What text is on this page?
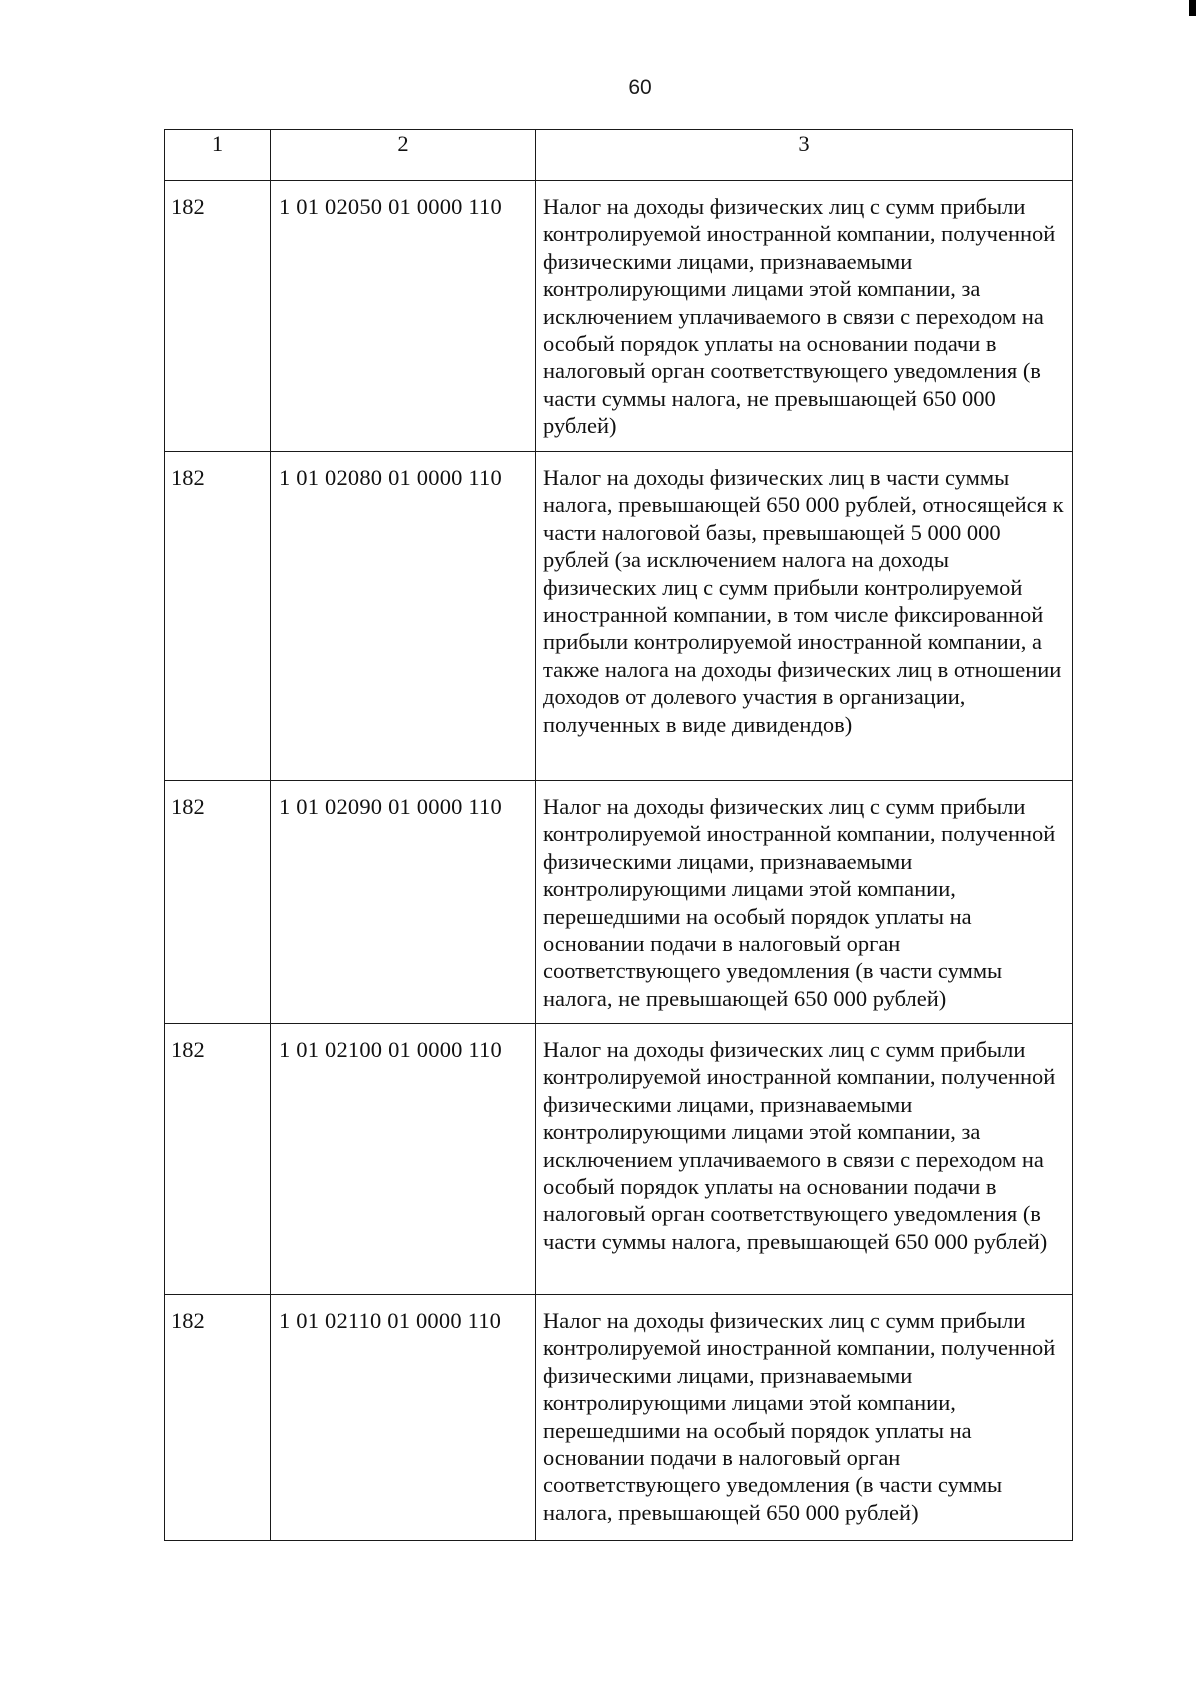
60
1	2	3
182	1 01 02050 01 0000 110	Налог на доходы физических лиц с сумм прибыли контролируемой иностранной компании, полученной физическими лицами, признаваемыми контролирующими лицами этой компании, за исключением уплачиваемого в связи с переходом на особый порядок уплаты на основании подачи в налоговый орган соответствующего уведомления (в части суммы налога, не превышающей 650 000 рублей)
182	1 01 02080 01 0000 110	Налог на доходы физических лиц в части суммы налога, превышающей 650 000 рублей, относящейся к части налоговой базы, превышающей 5 000 000 рублей (за исключением налога на доходы физических лиц с сумм прибыли контролируемой иностранной компании, в том числе фиксированной прибыли контролируемой иностранной компании, а также налога на доходы физических лиц в отношении доходов от долевого участия в организации, полученных в виде дивидендов)
182	1 01 02090 01 0000 110	Налог на доходы физических лиц с сумм прибыли контролируемой иностранной компании, полученной физическими лицами, признаваемыми контролирующими лицами этой компании, перешедшими на особый порядок уплаты на основании подачи в налоговый орган соответствующего уведомления (в части суммы налога, не превышающей 650 000 рублей)
182	1 01 02100 01 0000 110	Налог на доходы физических лиц с сумм прибыли контролируемой иностранной компании, полученной физическими лицами, признаваемыми контролирующими лицами этой компании, за исключением уплачиваемого в связи с переходом на особый порядок уплаты на основании подачи в налоговый орган соответствующего уведомления (в части суммы налога, превышающей 650 000 рублей)
182	1 01 02110 01 0000 110	Налог на доходы физических лиц с сумм прибыли контролируемой иностранной компании, полученной физическими лицами, признаваемыми контролирующими лицами этой компании, перешедшими на особый порядок уплаты на основании подачи в налоговый орган соответствующего уведомления (в части суммы налога, превышающей 650 000 рублей)
